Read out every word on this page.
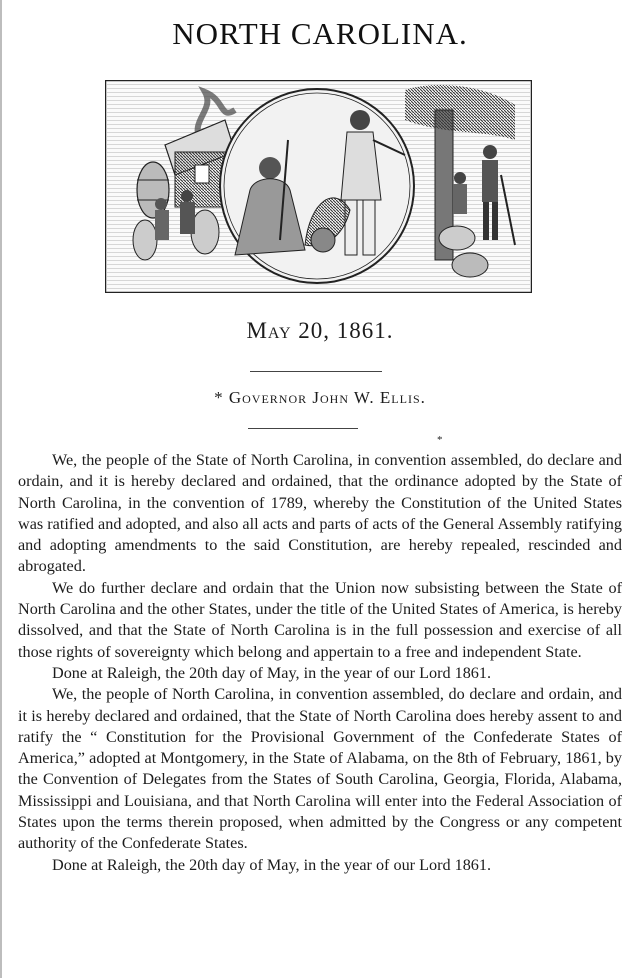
NORTH CAROLINA.
May 20, 1861.
* Governor John W. Ellis.
*

We, the people of the State of North Carolina, in convention assembled, do declare and ordain, and it is hereby declared and ordained, that the ordinance adopted by the State of North Carolina, in the convention of 1789, whereby the Constitution of the United States was ratified and adopted, and also all acts and parts of acts of the General Assembly ratifying and adopting amendments to the said Constitution, are hereby repealed, rescinded and abrogated.

We do further declare and ordain that the Union now subsisting between the State of North Carolina and the other States, under the title of the United States of America, is hereby dissolved, and that the State of North Carolina is in the full possession and exercise of all those rights of sovereignty which belong and appertain to a free and independent State.

Done at Raleigh, the 20th day of May, in the year of our Lord 1861.

We, the people of North Carolina, in convention assembled, do declare and ordain, and it is hereby declared and ordained, that the State of North Carolina does hereby assent to and ratify the “ Constitution for the Provisional Government of the Confederate States of America,” adopted at Montgomery, in the State of Alabama, on the 8th of February, 1861, by the Convention of Delegates from the States of South Carolina, Georgia, Florida, Alabama, Mississippi and Louisiana, and that North Carolina will enter into the Federal Association of States upon the terms therein proposed, when admitted by the Congress or any competent authority of the Confederate States.

Done at Raleigh, the 20th day of May, in the year of our Lord 1861.
